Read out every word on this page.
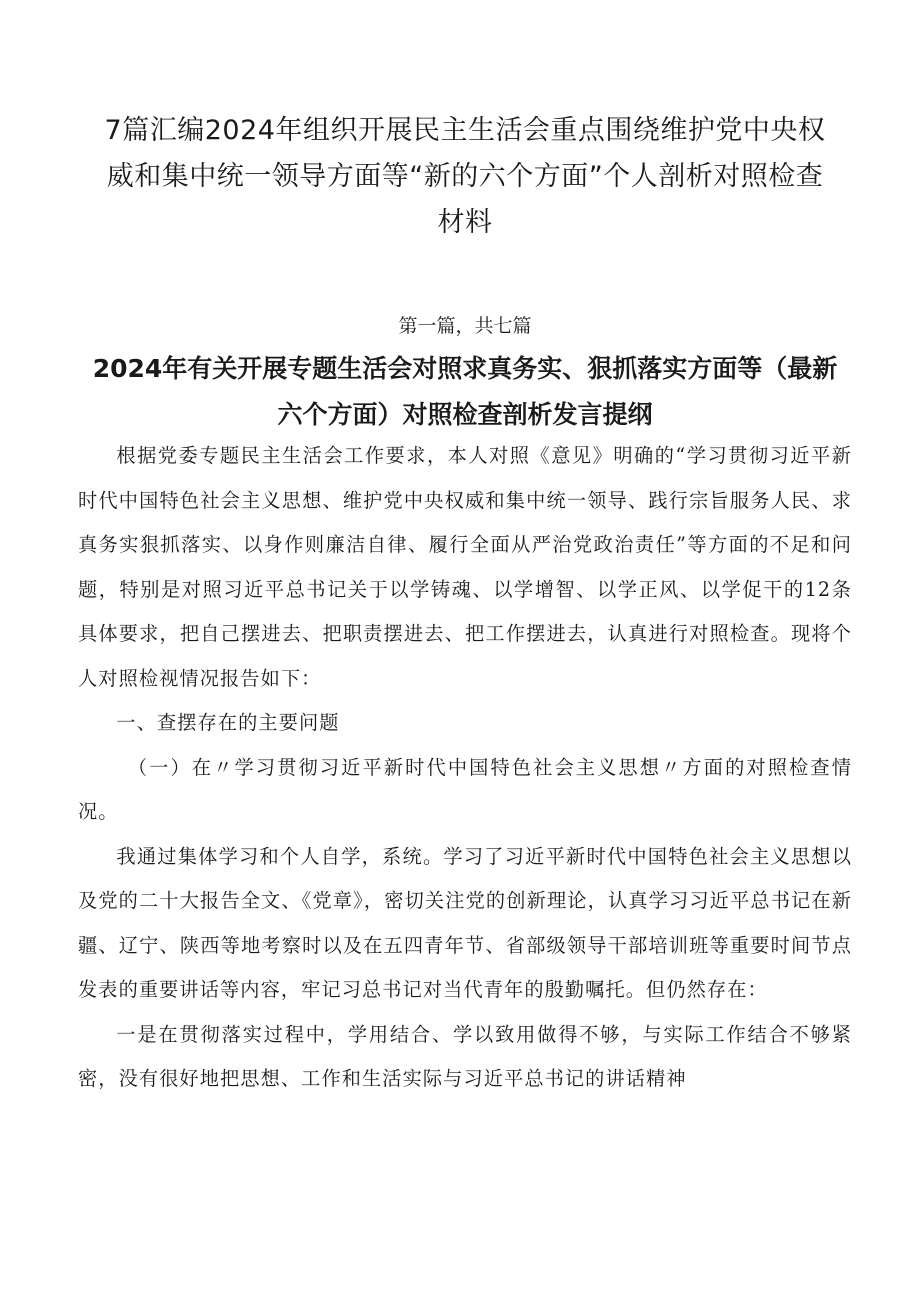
7篇汇编2024年组织开展民主生活会重点围绕维护党中央权威和集中统一领导方面等“新的六个方面”个人剖析对照检查材料
第一篇，共七篇
2024年有关开展专题生活会对照求真务实、狠抓落实方面等（最新六个方面）对照检查剖析发言提纲

根据党委专题民主生活会工作要求，本人对照《意见》明确的“学习贯彻习近平新时代中国特色社会主义思想、维护党中央权威和集中统一领导、践行宗旨服务人民、求真务实狠抓落实、以身作则廉洁自律、履行全面从严治党政治责任”等方面的不足和问题，特别是对照习近平总书记关于以学铸魂、以学增智、以学正风、以学促干的12条具体要求，把自己摆进去、把职责摆进去、把工作摆进去，认真进行对照检查。现将个人对照检视情况报告如下：

一、查摆存在的主要问题

（一）在〃学习贯彻习近平新时代中国特色社会主义思想〃方面的对照检查情况。

我通过集体学习和个人自学，系统。学习了习近平新时代中国特色社会主义思想以及党的二十大报告全文、《党章》，密切关注党的创新理论，认真学习习近平总书记在新疆、辽宁、陕西等地考察时以及在五四青年节、省部级领导干部培训班等重要时间节点发表的重要讲话等内容，牢记习总书记对当代青年的殷勤嘱托。但仍然存在：

一是在贯彻落实过程中，学用结合、学以致用做得不够，与实际工作结合不够紧密，没有很好地把思想、工作和生活实际与习近平总书记的讲话精神
